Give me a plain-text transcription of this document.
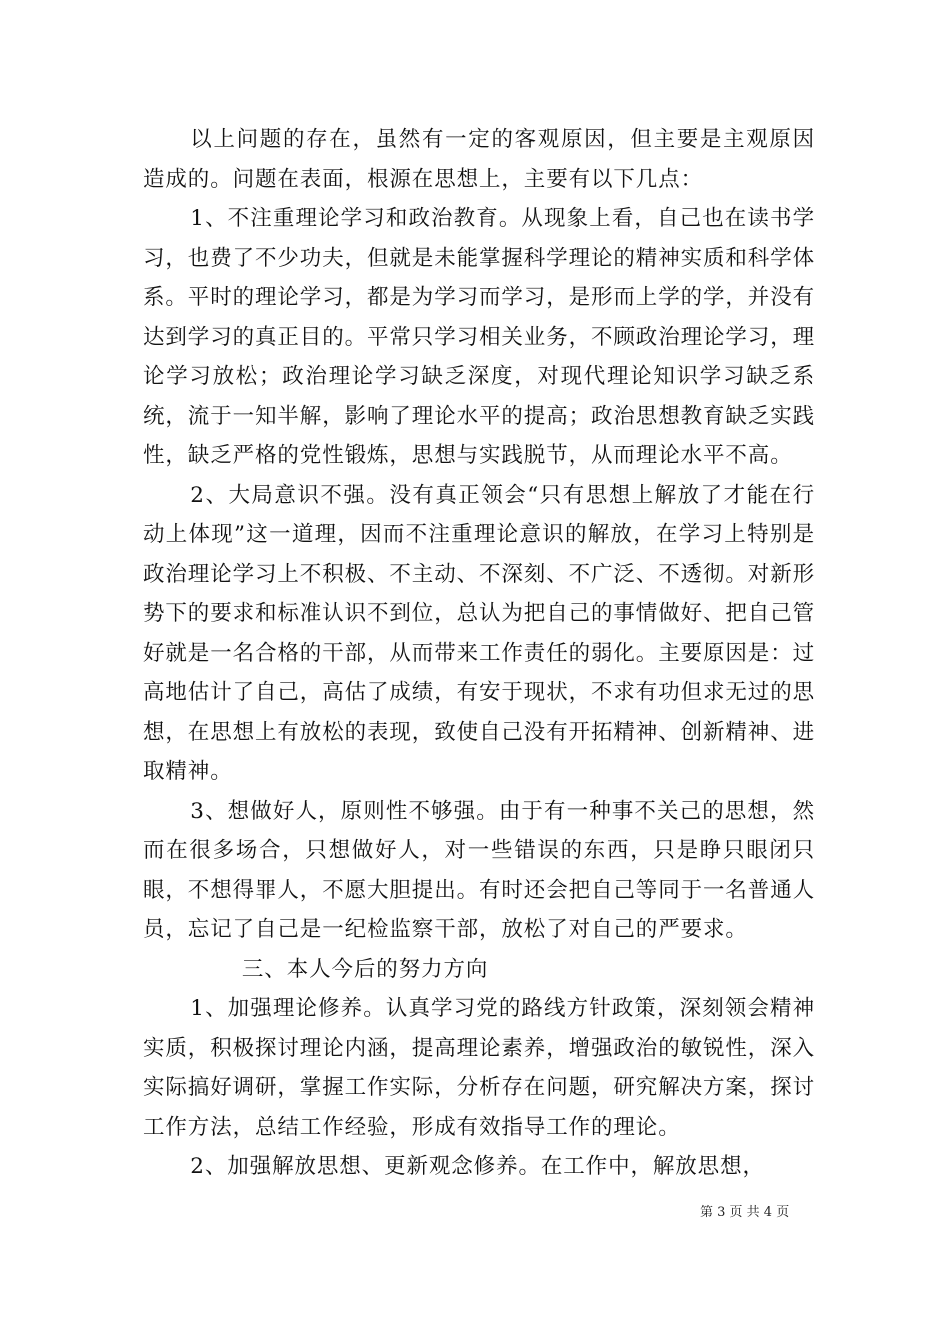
以上问题的存在，虽然有一定的客观原因，但主要是主观原因造成的。问题在表面，根源在思想上，主要有以下几点：

1、不注重理论学习和政治教育。从现象上看，自己也在读书学习，也费了不少功夫，但就是未能掌握科学理论的精神实质和科学体系。平时的理论学习，都是为学习而学习，是形而上学的学，并没有达到学习的真正目的。平常只学习相关业务，不顾政治理论学习，理论学习放松；政治理论学习缺乏深度，对现代理论知识学习缺乏系统，流于一知半解，影响了理论水平的提高；政治思想教育缺乏实践性，缺乏严格的党性锻炼，思想与实践脱节，从而理论水平不高。

2、大局意识不强。没有真正领会“只有思想上解放了才能在行动上体现”这一道理，因而不注重理论意识的解放，在学习上特别是政治理论学习上不积极、不主动、不深刻、不广泛、不透彻。对新形势下的要求和标准认识不到位，总认为把自己的事情做好、把自己管好就是一名合格的干部，从而带来工作责任的弱化。主要原因是：过高地估计了自己，高估了成绩，有安于现状，不求有功但求无过的思想，在思想上有放松的表现，致使自己没有开拓精神、创新精神、进取精神。

3、想做好人，原则性不够强。由于有一种事不关己的思想，然而在很多场合，只想做好人，对一些错误的东西，只是睁只眼闭只眼，不想得罪人，不愿大胆提出。有时还会把自己等同于一名普通人员，忘记了自己是一纪检监察干部，放松了对自己的严要求。

三、本人今后的努力方向

1、加强理论修养。认真学习党的路线方针政策，深刻领会精神实质，积极探讨理论内涵，提高理论素养，增强政治的敏锐性，深入实际搞好调研，掌握工作实际，分析存在问题，研究解决方案，探讨工作方法，总结工作经验，形成有效指导工作的理论。

2、加强解放思想、更新观念修养。在工作中，解放思想，

第 3 页 共 4 页
